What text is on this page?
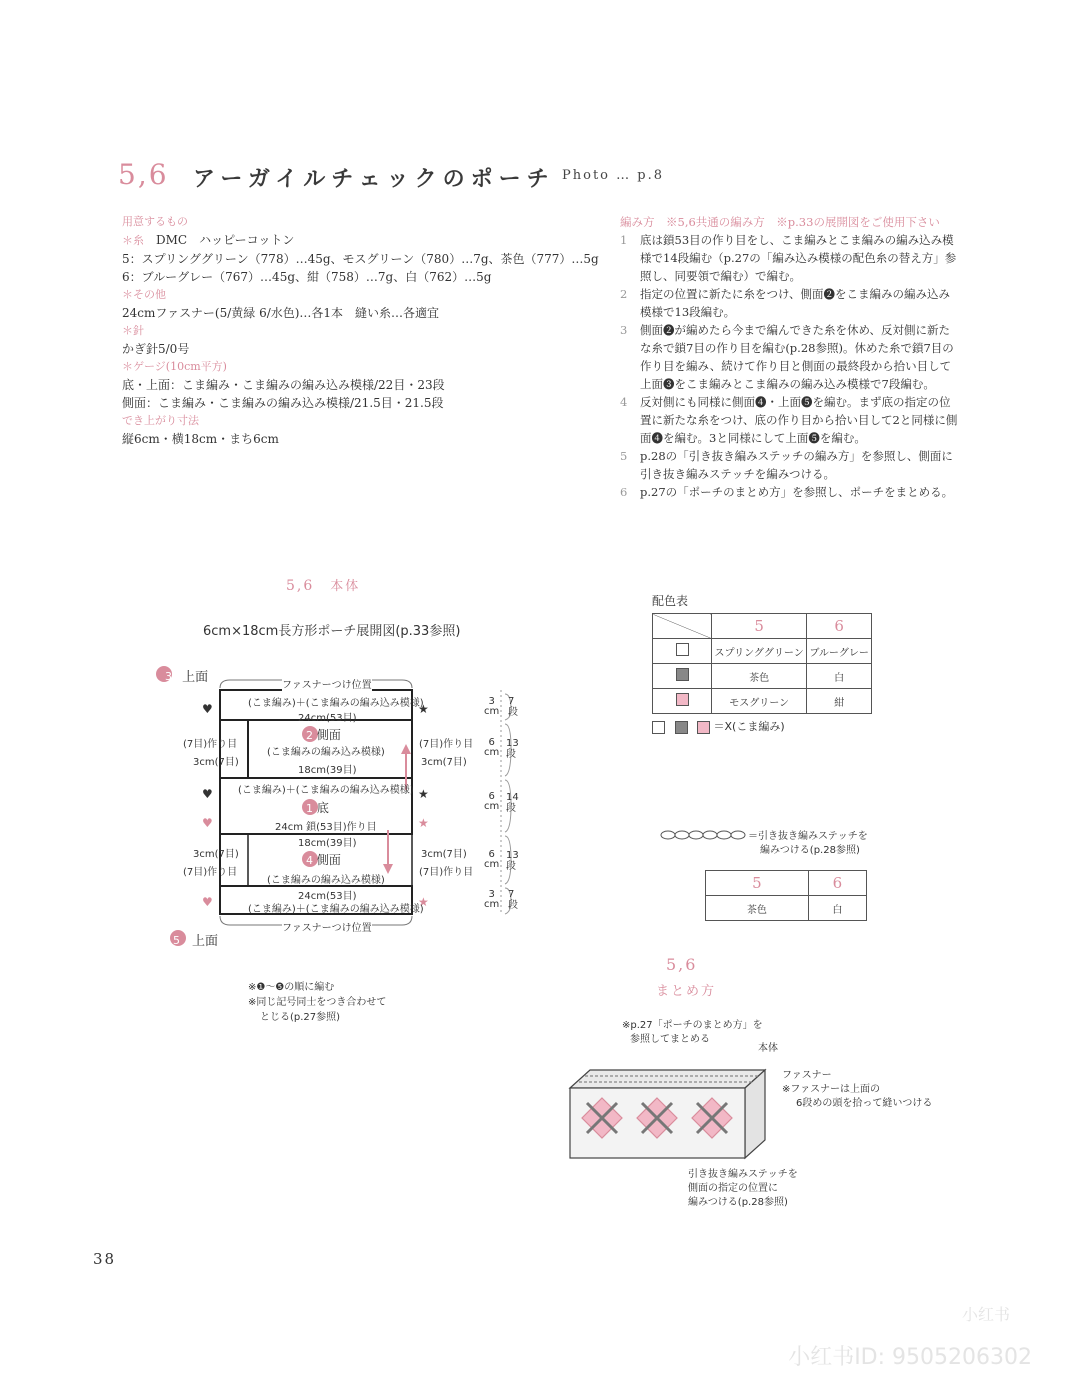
5,6 アーガイルチェックのポーチ Photo … p.8
用意するもの
＊糸　 DMC　ハッピーコットン
5：スプリンググリーン（778）…45g、モスグリーン（780）…7g、茶色（777）…5g
6：ブルーグレー（767）…45g、紺（758）…7g、白（762）…5g
＊その他
24cmファスナー(5/黄緑 6/水色)…各1本　縫い糸…各適宜
＊針
かぎ針5/0号
＊ゲージ(10cm平方)
底・上面：こま編み・こま編みの編み込み模様/22目・23段
側面：こま編み・こま編みの編み込み模様/21.5目・21.5段
でき上がり寸法
縦6cm・横18cm・まち6cm
編み方　※5,6共通の編み方　※p.33の展開図をご使用下さい
1	底は鎖53目の作り目をし、こま編みとこま編みの編み込み模様で14段編む（p.27の「編み込み模様の配色糸の替え方」参照し、同要領で編む）で編む。
2	指定の位置に新たに糸をつけ、側面❷をこま編みの編み込み模様で13段編む。
3	側面❷が編めたら今まで編んできた糸を休め、反対側に新たな糸で鎖7目の作り目を編む(p.28参照)。休めた糸で鎖7目の作り目を編み、続けて作り目と側面の最終段から拾い目して上面❸をこま編みとこま編みの編み込み模様で7段編む。
4	反対側にも同様に側面❹・上面❺を編む。まず底の指定の位置に新たな糸をつけ、底の作り目から拾い目して2と同様に側面❹を編む。3と同様にして上面❺を編む。
5	p.28の「引き抜き編みステッチの編み方」を参照し、側面に引き抜き編みステッチを編みつける。
6	p.27の「ポーチのまとめ方」を参照し、ポーチをまとめる。
5,6　 本体
6cm×18cm長方形ポーチ展開図(p.33参照)
♥
♥
♥
♥
★
★
★
★
3 上面
5　 上面
ファスナーつけ位置
ファスナーつけ位置
(こま編み)＋(こま編みの編み込み模様)
24cm(53目)
2 側面
(こま編みの編み込み模様)
18cm(39目)
(こま編み)＋(こま編みの編み込み模様)
1 底
24cm 鎖(53目)作り目
18cm(39目)
4 側面
(こま編みの編み込み模様)
24cm(53目)
(こま編み)＋(こま編みの編み込み模様)
(7目)作り目
3cm(7目)
(7目)作り目
3cm(7目)
3cm(7目)
(7目)作り目
3cm(7目)
(7目)作り目
3
cm
7
段
6
cm
13
段
6
cm
14
段
6
cm
13
段
3
cm
7
段
※❶～❺の順に編む
※同じ記号同士をつき合わせて
とじる(p.27参照)
配色表
	5	6
	スプリンググリーン	ブルーグレー
	茶色	白
	モスグリーン	紺
＝X(こま編み)
＝引き抜き編みステッチを
編みつける(p.28参照)
5	6
茶色	白
5,6
まとめ方
※p.27「ポーチのまとめ方」を
参照してまとめる
本体
ファスナー
※ファスナーは上面の
6段めの頭を拾って縫いつける
引き抜き編みステッチを
側面の指定の位置に
編みつける(p.28参照)
38
小红书
小红书ID: 9505206302
